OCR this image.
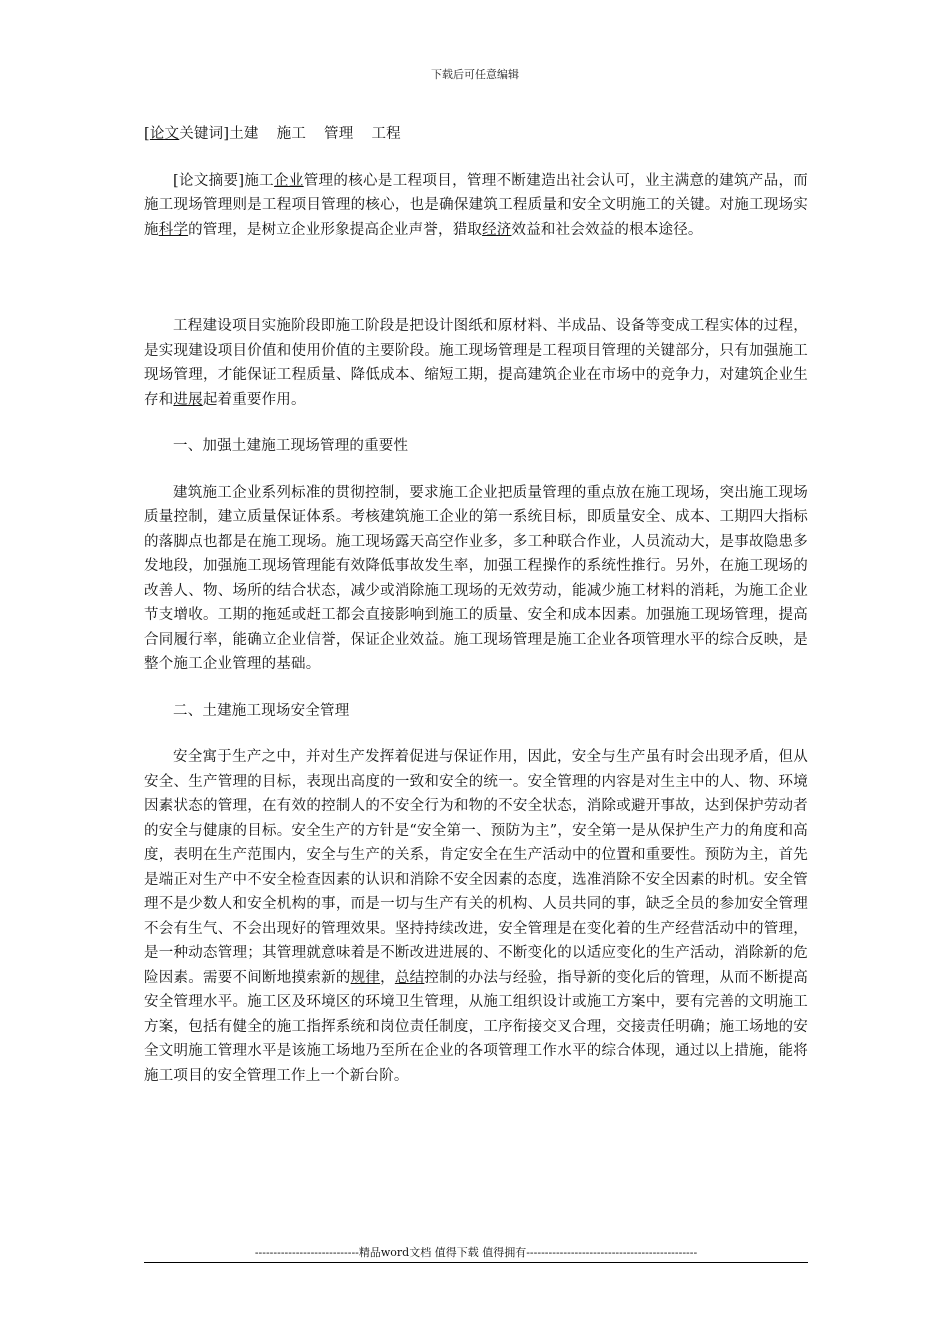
下载后可任意编辑

[论文关键词]土建 施工 管理 工程

[论文摘要]施工企业管理的核心是工程项目，管理不断建造出社会认可，业主满意的建筑产品，而施工现场管理则是工程项目管理的核心，也是确保建筑工程质量和安全文明施工的关键。对施工现场实施科学的管理，是树立企业形象提高企业声誉，猎取经济效益和社会效益的根本途径。

工程建设项目实施阶段即施工阶段是把设计图纸和原材料、半成品、设备等变成工程实体的过程，是实现建设项目价值和使用价值的主要阶段。施工现场管理是工程项目管理的关键部分，只有加强施工现场管理，才能保证工程质量、降低成本、缩短工期，提高建筑企业在市场中的竞争力，对建筑企业生存和进展起着重要作用。

一、加强土建施工现场管理的重要性

建筑施工企业系列标准的贯彻控制，要求施工企业把质量管理的重点放在施工现场，突出施工现场质量控制，建立质量保证体系。考核建筑施工企业的第一系统目标，即质量安全、成本、工期四大指标的落脚点也都是在施工现场。施工现场露天高空作业多，多工种联合作业，人员流动大，是事故隐患多发地段，加强施工现场管理能有效降低事故发生率，加强工程操作的系统性推行。另外，在施工现场的改善人、物、场所的结合状态，减少或消除施工现场的无效劳动，能减少施工材料的消耗，为施工企业节支增收。工期的拖延或赶工都会直接影响到施工的质量、安全和成本因素。加强施工现场管理，提高合同履行率，能确立企业信誉，保证企业效益。施工现场管理是施工企业各项管理水平的综合反映，是整个施工企业管理的基础。

二、土建施工现场安全管理

安全寓于生产之中，并对生产发挥着促进与保证作用，因此，安全与生产虽有时会出现矛盾，但从安全、生产管理的目标，表现出高度的一致和安全的统一。安全管理的内容是对生主中的人、物、环境因素状态的管理，在有效的控制人的不安全行为和物的不安全状态，消除或避开事故，达到保护劳动者的安全与健康的目标。安全生产的方针是“安全第一、预防为主”，安全第一是从保护生产力的角度和高度，表明在生产范围内，安全与生产的关系，肯定安全在生产活动中的位置和重要性。预防为主，首先是端正对生产中不安全检查因素的认识和消除不安全因素的态度，选准消除不安全因素的时机。安全管理不是少数人和安全机构的事，而是一切与生产有关的机构、人员共同的事，缺乏全员的参加安全管理不会有生气、不会出现好的管理效果。坚持持续改进，安全管理是在变化着的生产经营活动中的管理，是一种动态管理；其管理就意味着是不断改进进展的、不断变化的以适应变化的生产活动，消除新的危险因素。需要不间断地摸索新的规律，总结控制的办法与经验，指导新的变化后的管理，从而不断提高安全管理水平。施工区及环境区的环境卫生管理，从施工组织设计或施工方案中，要有完善的文明施工方案，包括有健全的施工指挥系统和岗位责任制度，工序衔接交叉合理，交接责任明确；施工场地的安全文明施工管理水平是该施工场地乃至所在企业的各项管理工作水平的综合体现，通过以上措施，能将施工项目的安全管理工作上一个新台阶。

----------------------------精品word文档 值得下载 值得拥有----------------------------------------------
